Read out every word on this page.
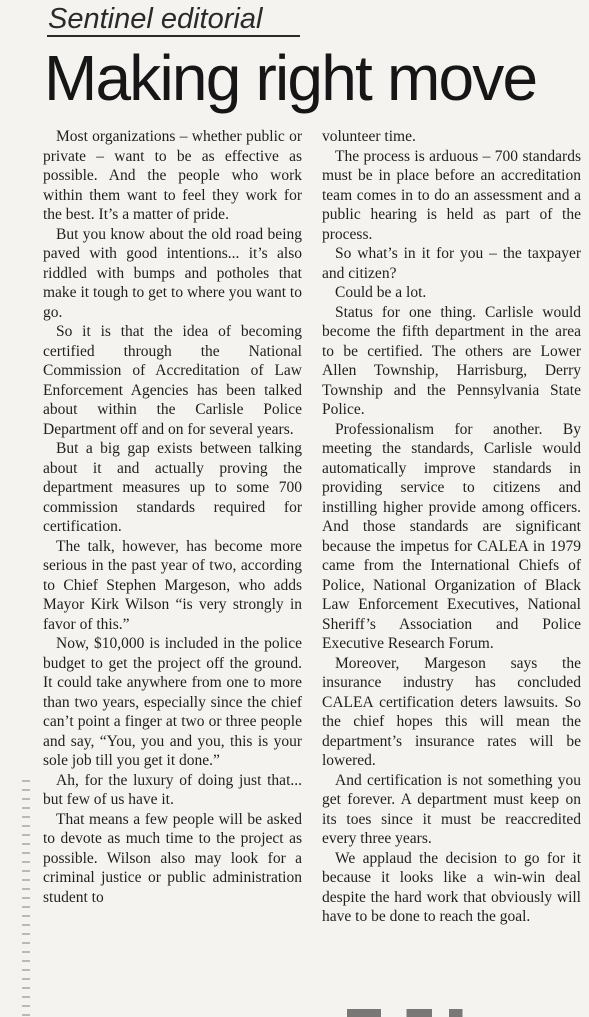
Sentinel editorial
Making right move

Most organizations – whether public or private – want to be as effective as possible. And the people who work within them want to feel they work for the best. It’s a matter of pride.

But you know about the old road being paved with good intentions... it’s also riddled with bumps and potholes that make it tough to get to where you want to go.

So it is that the idea of becoming certified through the National Commission of Accreditation of Law Enforcement Agencies has been talked about within the Carlisle Police Department off and on for several years.

But a big gap exists between talking about it and actually proving the department measures up to some 700 commission standards required for certification.

The talk, however, has become more serious in the past year of two, according to Chief Stephen Margeson, who adds Mayor Kirk Wilson “is very strongly in favor of this.”

Now, $10,000 is included in the police budget to get the project off the ground. It could take anywhere from one to more than two years, especially since the chief can’t point a finger at two or three people and say, “You, you and you, this is your sole job till you get it done.”

Ah, for the luxury of doing just that... but few of us have it.

That means a few people will be asked to devote as much time to the project as possible. Wilson also may look for a criminal justice or public administration student to

volunteer time.

The process is arduous – 700 standards must be in place before an accreditation team comes in to do an assessment and a public hearing is held as part of the process.

So what’s in it for you – the taxpayer and citizen?

Could be a lot.

Status for one thing. Carlisle would become the fifth department in the area to be certified. The others are Lower Allen Township, Harrisburg, Derry Township and the Pennsylvania State Police.

Professionalism for another. By meeting the standards, Carlisle would automatically improve standards in providing service to citizens and instilling higher provide among officers. And those standards are significant because the impetus for CALEA in 1979 came from the International Chiefs of Police, National Organization of Black Law Enforcement Executives, National Sheriff’s Association and Police Executive Research Forum.

Moreover, Margeson says the insurance industry has concluded CALEA certification deters lawsuits. So the chief hopes this will mean the department’s insurance rates will be lowered.

And certification is not something you get forever. A department must keep on its toes since it must be reaccredited every three years.

We applaud the decision to go for it because it looks like a win-win deal despite the hard work that obviously will have to be done to reach the goal.
